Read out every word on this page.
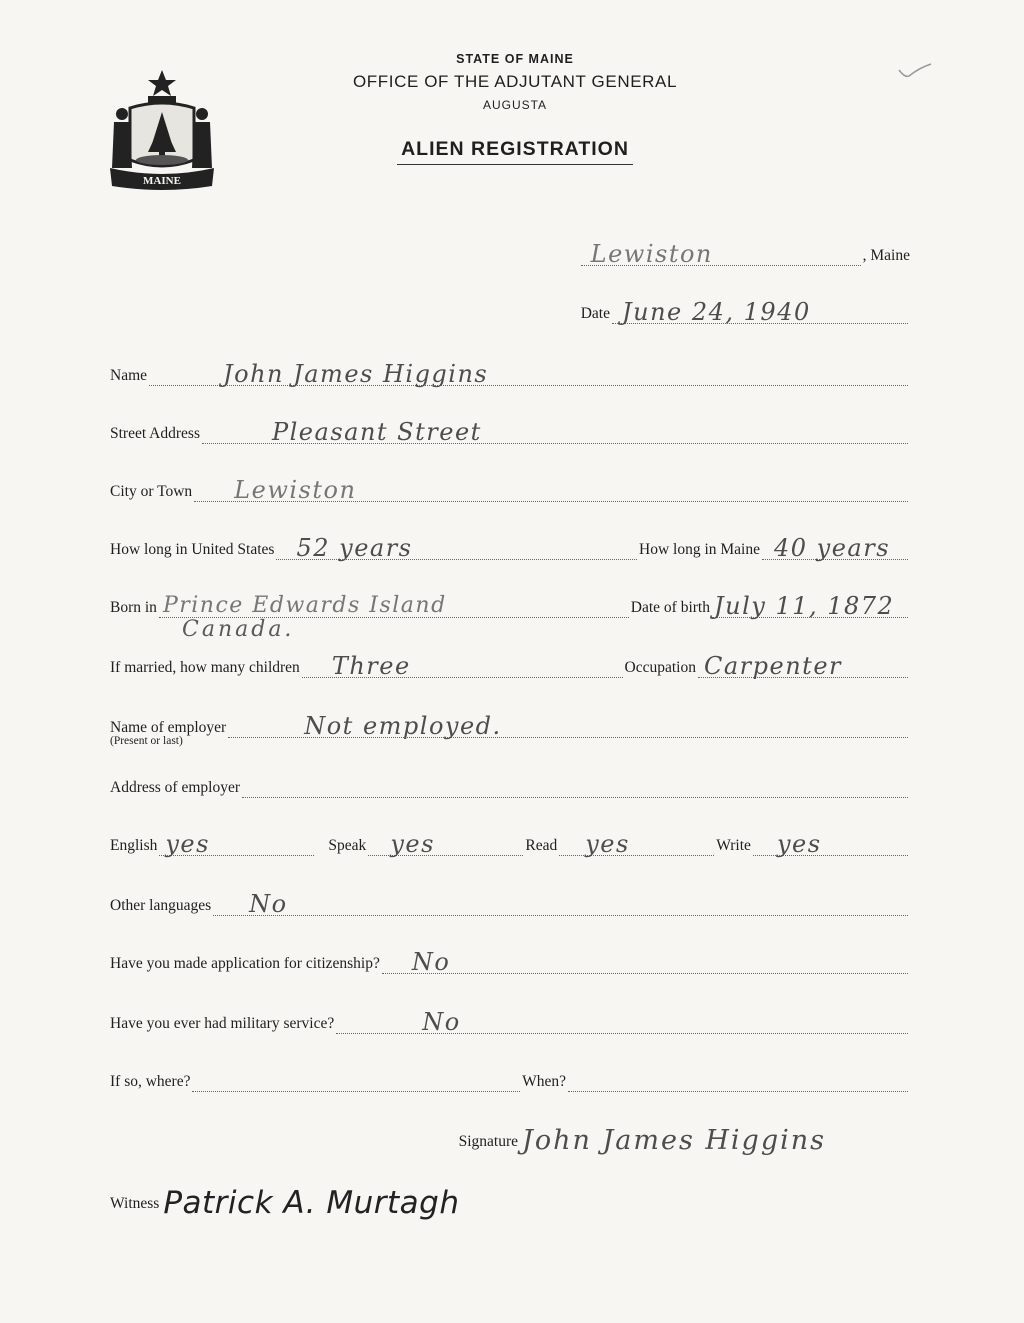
MAINE
STATE OF MAINE
OFFICE OF THE ADJUTANT GENERAL
AUGUSTA
ALIEN REGISTRATION
Lewiston	, Maine
Date June 24, 1940
Name	John James Higgins
Street Address	Pleasant Street
City or Town Lewiston
How long in United States 52 years	How long in Maine 40 years
Born in Prince Edwards Island	Date of birth July 11, 1872
Canada.
If married, how many children Three	Occupation Carpenter
Name of employer	Not employed.
(Present or last)
Address of employer
English yes	Speak yes	Read yes	Write yes
Other languages No
Have you made application for citizenship? No
Have you ever had military service?	No
If so, where?	When?
Signature John James Higgins
Witness Patrick A. Murtagh
